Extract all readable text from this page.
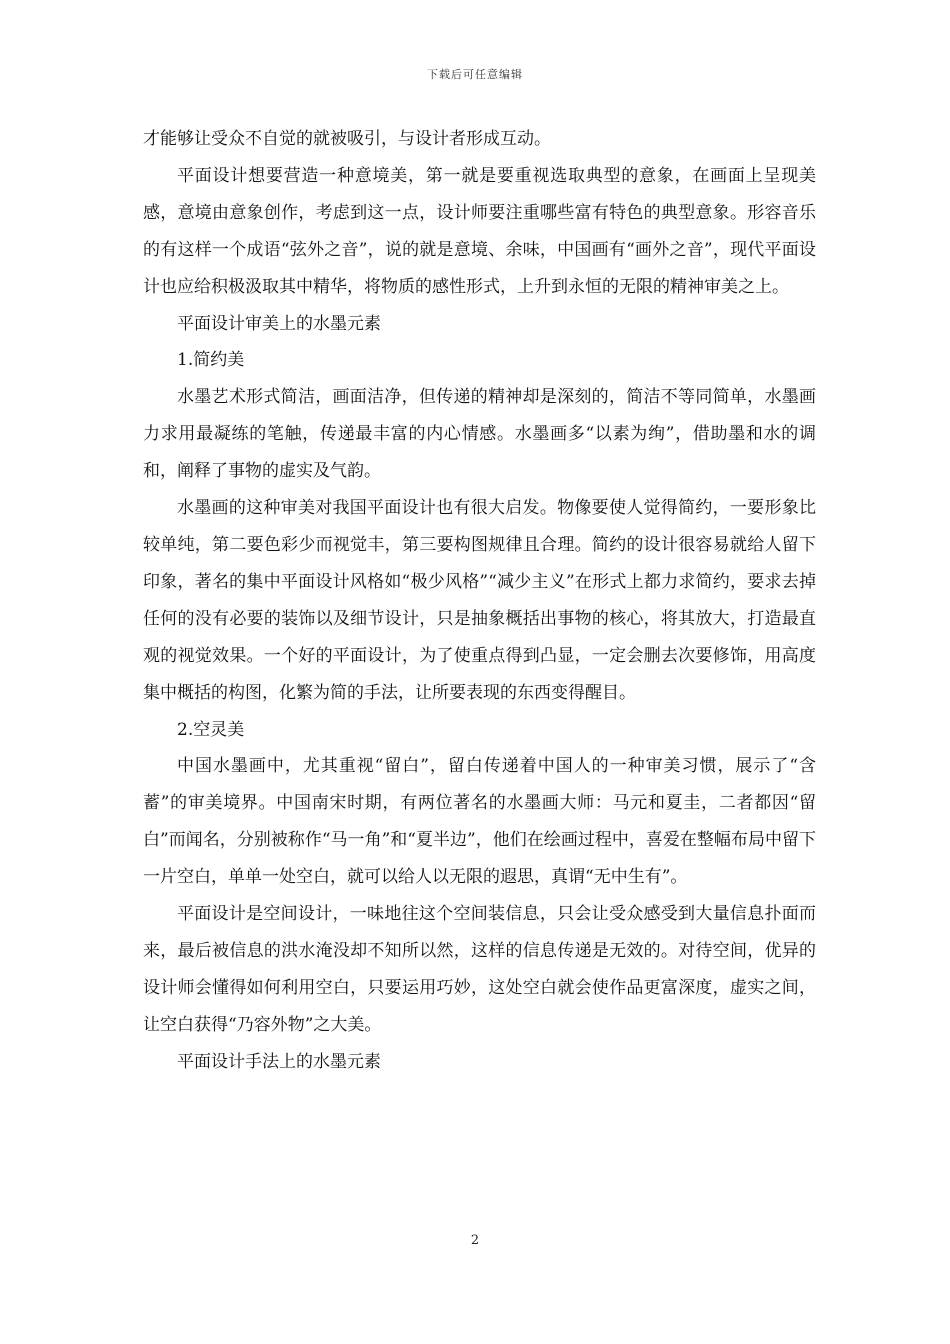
下载后可任意编辑

才能够让受众不自觉的就被吸引，与设计者形成互动。

平面设计想要营造一种意境美，第一就是要重视选取典型的意象，在画面上呈现美感，意境由意象创作，考虑到这一点，设计师要注重哪些富有特色的典型意象。形容音乐的有这样一个成语“弦外之音”，说的就是意境、余味，中国画有“画外之音”，现代平面设计也应给积极汲取其中精华，将物质的感性形式，上升到永恒的无限的精神审美之上。

平面设计审美上的水墨元素

1.简约美

水墨艺术形式简洁，画面洁净，但传递的精神却是深刻的，简洁不等同简单，水墨画力求用最凝练的笔触，传递最丰富的内心情感。水墨画多“以素为绚”，借助墨和水的调和，阐释了事物的虚实及气韵。

水墨画的这种审美对我国平面设计也有很大启发。物像要使人觉得简约，一要形象比较单纯，第二要色彩少而视觉丰，第三要构图规律且合理。简约的设计很容易就给人留下印象，著名的集中平面设计风格如“极少风格”“减少主义”在形式上都力求简约，要求去掉任何的没有必要的装饰以及细节设计，只是抽象概括出事物的核心，将其放大，打造最直观的视觉效果。一个好的平面设计，为了使重点得到凸显，一定会删去次要修饰，用高度集中概括的构图，化繁为简的手法，让所要表现的东西变得醒目。

2.空灵美

中国水墨画中，尤其重视“留白”，留白传递着中国人的一种审美习惯，展示了“含蓄”的审美境界。中国南宋时期，有两位著名的水墨画大师：马元和夏圭，二者都因“留白”而闻名，分别被称作“马一角”和“夏半边”，他们在绘画过程中，喜爱在整幅布局中留下一片空白，单单一处空白，就可以给人以无限的遐思，真谓“无中生有”。

平面设计是空间设计，一味地往这个空间装信息，只会让受众感受到大量信息扑面而来，最后被信息的洪水淹没却不知所以然，这样的信息传递是无效的。对待空间，优异的设计师会懂得如何利用空白，只要运用巧妙，这处空白就会使作品更富深度，虚实之间，让空白获得“乃容外物”之大美。

平面设计手法上的水墨元素

2
